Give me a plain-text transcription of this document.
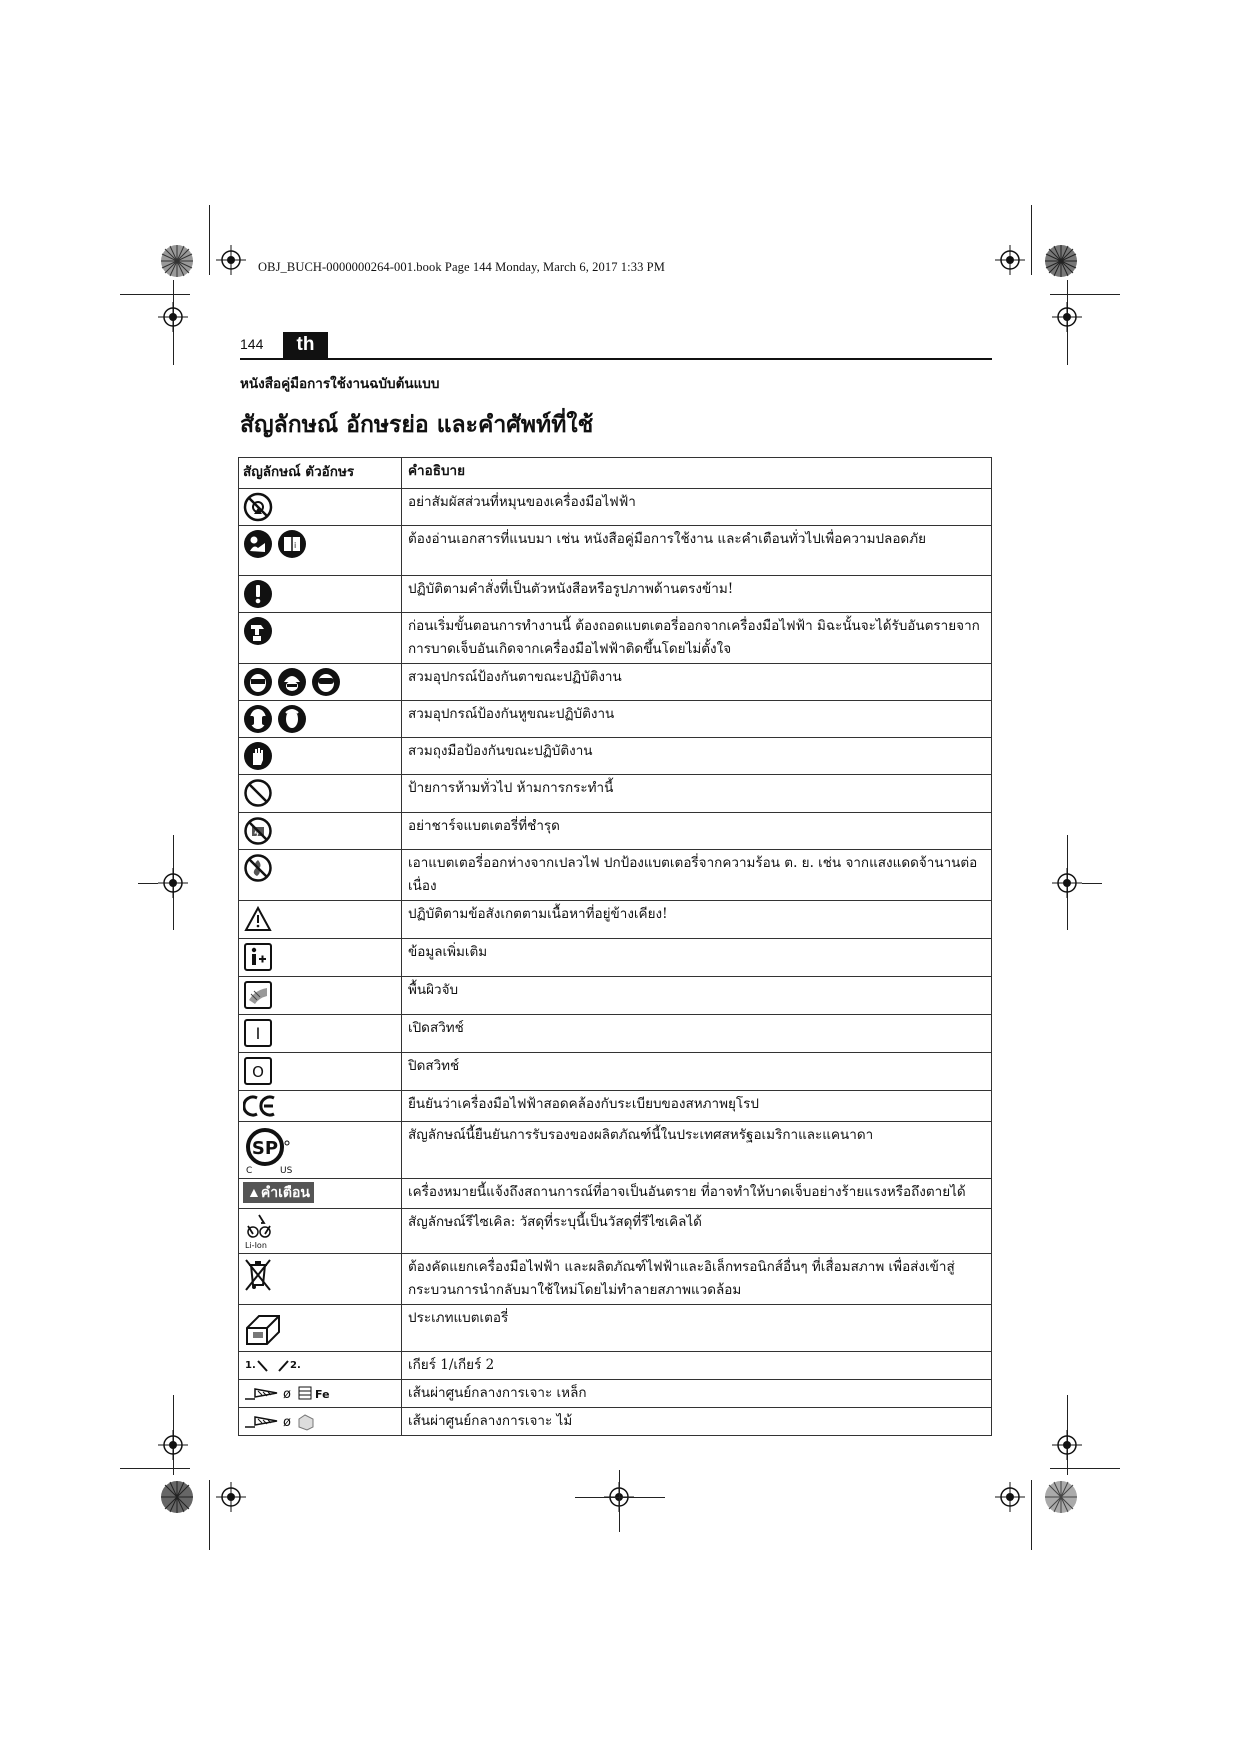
OBJ_BUCH-0000000264-001.book Page 144 Monday, March 6, 2017 1:33 PM
144	th
หนังสือคู่มือการใช้งานฉบับต้นแบบ
สัญลักษณ์ อักษรย่อ และคำศัพท์ที่ใช้
สัญลักษณ์ ตัวอักษร	คำอธิบาย

	อย่าสัมผัสส่วนที่หมุนของเครื่องมือไฟฟ้า

i	ต้องอ่านเอกสารที่แนบมา เช่น หนังสือคู่มือการใช้งาน และคำเตือนทั่วไปเพื่อความปลอดภัย

	ปฏิบัติตามคำสั่งที่เป็นตัวหนังสือหรือรูปภาพด้านตรงข้าม!

	ก่อนเริ่มขั้นตอนการทำงานนี้ ต้องถอดแบตเตอรี่ออกจากเครื่องมือไฟฟ้า มิฉะนั้นจะได้รับอันตรายจากการบาดเจ็บอันเกิดจากเครื่องมือไฟฟ้าติดขึ้นโดยไม่ตั้งใจ

	สวมอุปกรณ์ป้องกันตาขณะปฏิบัติงาน

	สวมอุปกรณ์ป้องกันหูขณะปฏิบัติงาน

	สวมถุงมือป้องกันขณะปฏิบัติงาน

	ป้ายการห้ามทั่วไป ห้ามการกระทำนี้

	อย่าชาร์จแบตเตอรี่ที่ชำรุด

	เอาแบตเตอรี่ออกห่างจากเปลวไฟ ปกป้องแบตเตอรี่จากความร้อน ต. ย. เช่น จากแสงแดดจ้านานต่อเนื่อง

	ปฏิบัติตามข้อสังเกตตามเนื้อหาที่อยู่ข้างเคียง!

	ข้อมูลเพิ่มเติม

	พื้นผิวจับ

I	เปิดสวิทช์

O	ปิดสวิทช์

	ยืนยันว่าเครื่องมือไฟฟ้าสอดคล้องกับระเบียบของสหภาพยุโรป

SP
C US	สัญลักษณ์นี้ยืนยันการรับรองของผลิตภัณฑ์นี้ในประเทศสหรัฐอเมริกาและแคนาดา
▲คำเตือน	เครื่องหมายนี้แจ้งถึงสถานการณ์ที่อาจเป็นอันตราย ที่อาจทำให้บาดเจ็บอย่างร้ายแรงหรือถึงตายได้

Li-Ion	สัญลักษณ์รีไซเคิล: วัสดุที่ระบุนี้เป็นวัสดุที่รีไซเคิลได้

	ต้องคัดแยกเครื่องมือไฟฟ้า และผลิตภัณฑ์ไฟฟ้าและอิเล็กทรอนิกส์อื่นๆ ที่เสื่อมสภาพ เพื่อส่งเข้าสู่กระบวนการนำกลับมาใช้ใหม่โดยไม่ทำลายสภาพแวดล้อม

	ประเภทแบตเตอรี่

1. 2.	เกียร์ 1/เกียร์ 2

ø Fe	เส้นผ่าศูนย์กลางการเจาะ เหล็ก

ø	เส้นผ่าศูนย์กลางการเจาะ ไม้
